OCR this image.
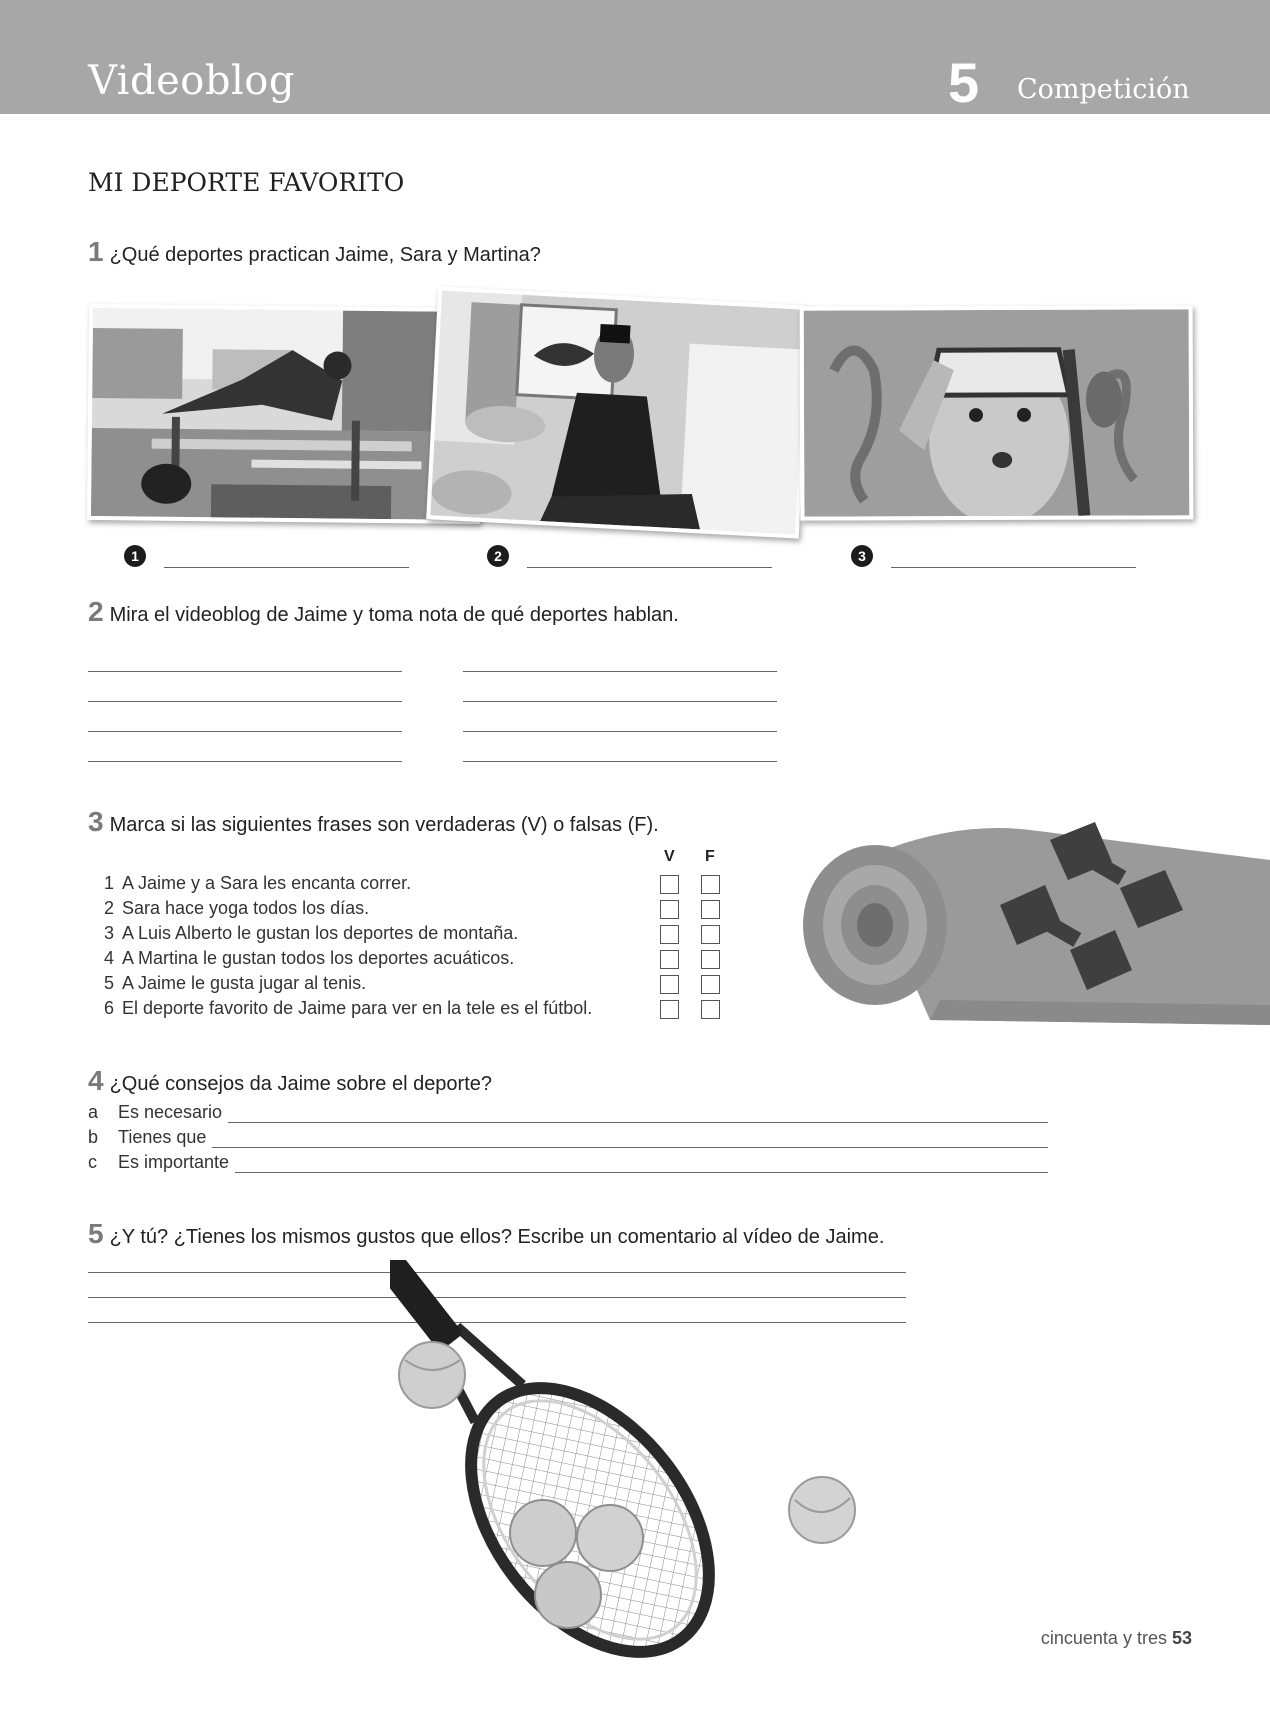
Videoblog	5 Competición
MI DEPORTE FAVORITO
1 ¿Qué deportes practican Jaime, Sara y Martina?
1	2	3
2 Mira el videoblog de Jaime y toma nota de qué deportes hablan.
3 Marca si las siguientes frases son verdaderas (V) o falsas (F).
V F
1 A Jaime y a Sara les encanta correr.
2 Sara hace yoga todos los días.
3 A Luis Alberto le gustan los deportes de montaña.
4 A Martina le gustan todos los deportes acuáticos.
5 A Jaime le gusta jugar al tenis.
6 El deporte favorito de Jaime para ver en la tele es el fútbol.
4 ¿Qué consejos da Jaime sobre el deporte?
a Es necesario
b Tienes que
c Es importante
5 ¿Y tú? ¿Tienes los mismos gustos que ellos? Escribe un comentario al vídeo de Jaime.
cincuenta y tres 53
